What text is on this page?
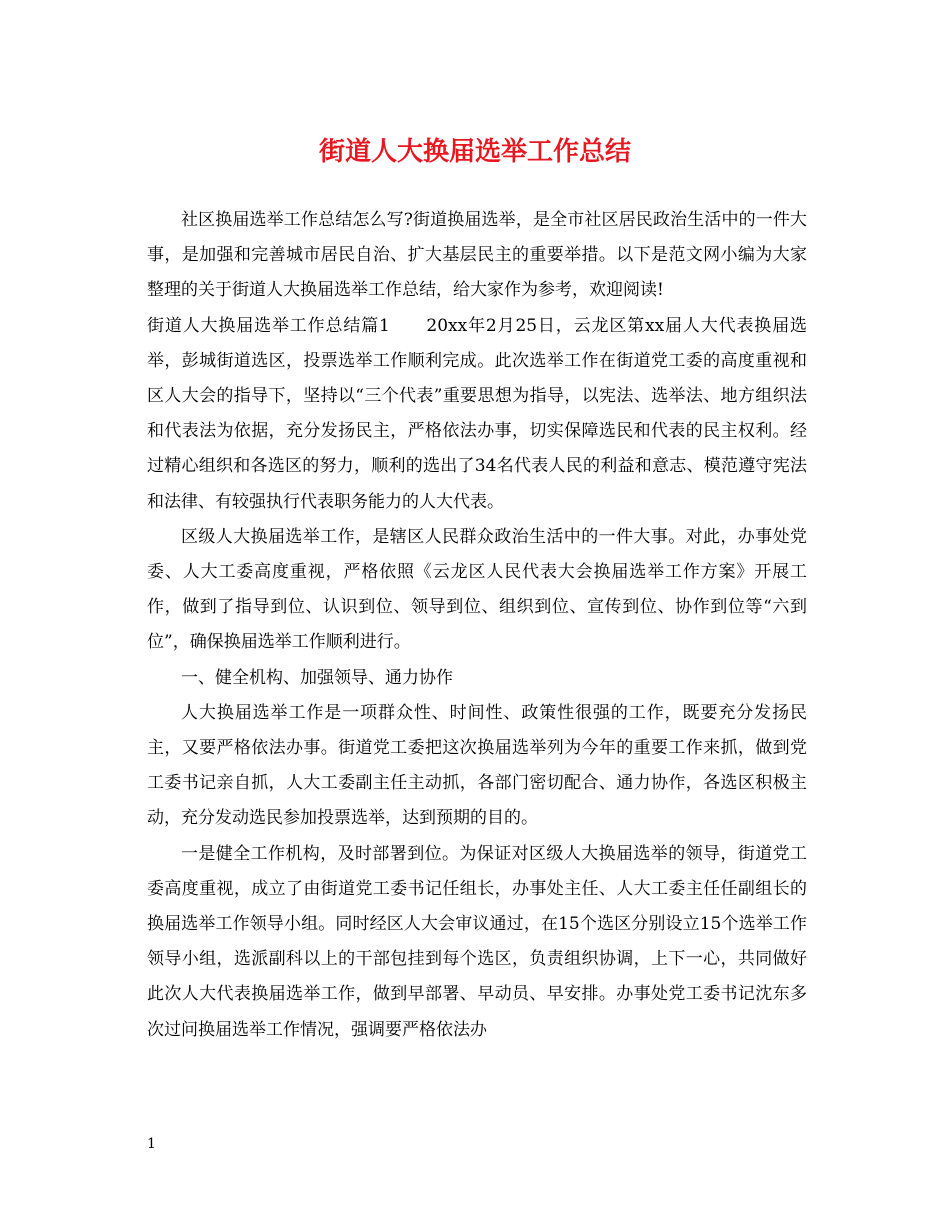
街道人大换届选举工作总结

社区换届选举工作总结怎么写?街道换届选举，是全市社区居民政治生活中的一件大事，是加强和完善城市居民自治、扩大基层民主的重要举措。以下是范文网小编为大家整理的关于街道人大换届选举工作总结，给大家作为参考，欢迎阅读!

街道人大换届选举工作总结篇1　　20xx年2月25日，云龙区第xx届人大代表换届选举，彭城街道选区，投票选举工作顺利完成。此次选举工作在街道党工委的高度重视和区人大会的指导下，坚持以“三个代表”重要思想为指导，以宪法、选举法、地方组织法和代表法为依据，充分发扬民主，严格依法办事，切实保障选民和代表的民主权利。经过精心组织和各选区的努力，顺利的选出了34名代表人民的利益和意志、模范遵守宪法和法律、有较强执行代表职务能力的人大代表。

区级人大换届选举工作，是辖区人民群众政治生活中的一件大事。对此，办事处党委、人大工委高度重视，严格依照《云龙区人民代表大会换届选举工作方案》开展工作，做到了指导到位、认识到位、领导到位、组织到位、宣传到位、协作到位等“六到位”，确保换届选举工作顺利进行。

一、健全机构、加强领导、通力协作

人大换届选举工作是一项群众性、时间性、政策性很强的工作，既要充分发扬民主，又要严格依法办事。街道党工委把这次换届选举列为今年的重要工作来抓，做到党工委书记亲自抓，人大工委副主任主动抓，各部门密切配合、通力协作，各选区积极主动，充分发动选民参加投票选举，达到预期的目的。

一是健全工作机构，及时部署到位。为保证对区级人大换届选举的领导，街道党工委高度重视，成立了由街道党工委书记任组长，办事处主任、人大工委主任任副组长的换届选举工作领导小组。同时经区人大会审议通过，在15个选区分别设立15个选举工作领导小组，选派副科以上的干部包挂到每个选区，负责组织协调，上下一心，共同做好此次人大代表换届选举工作，做到早部署、早动员、早安排。办事处党工委书记沈东多次过问换届选举工作情况，强调要严格依法办

1
